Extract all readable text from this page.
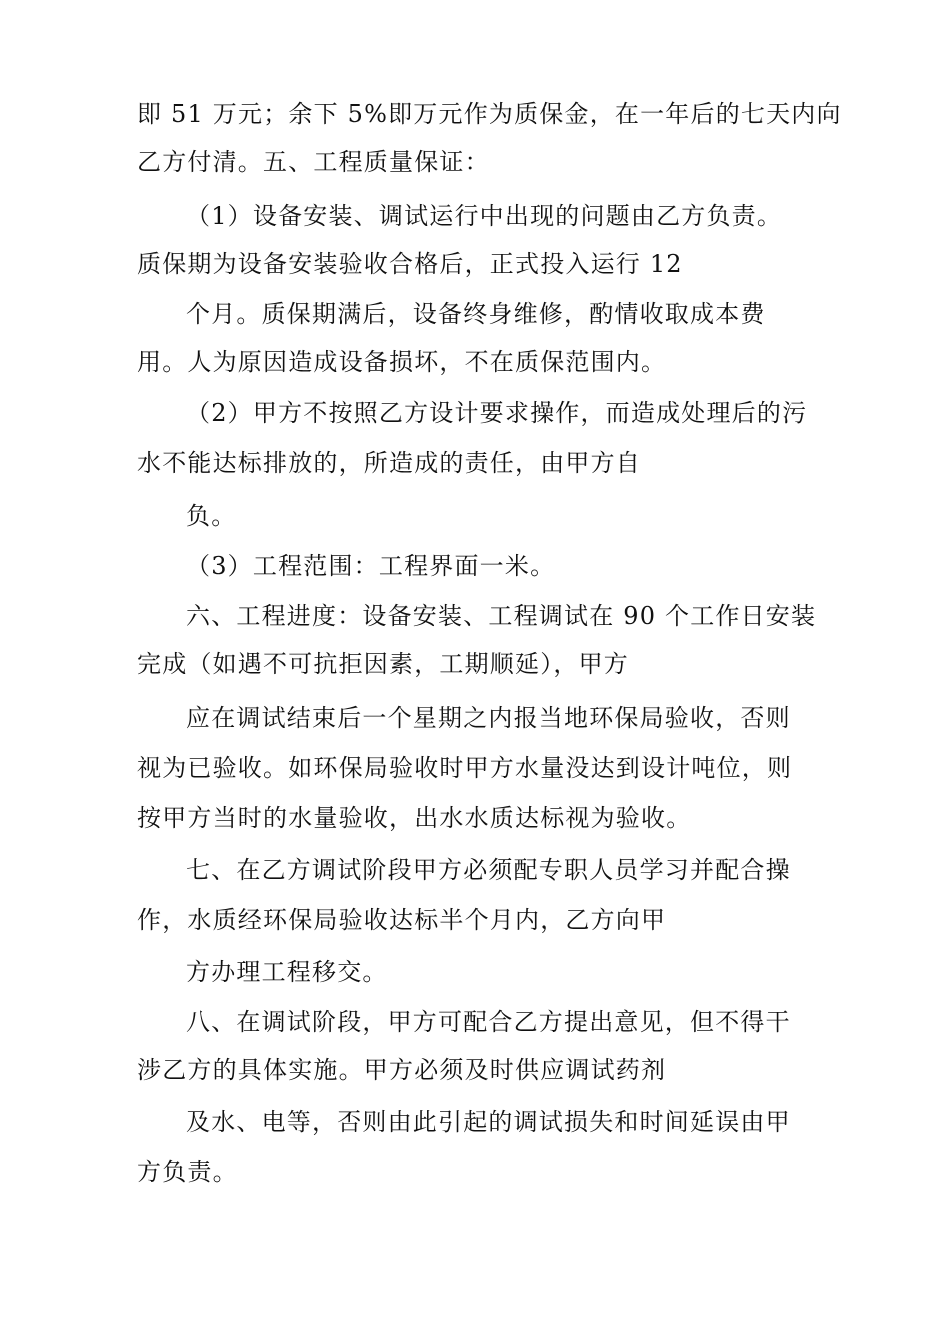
即 51 万元；余下 5%即万元作为质保金，在一年后的七天内向
乙方付清。五、工程质量保证：
（1）设备安装、调试运行中出现的问题由乙方负责。
质保期为设备安装验收合格后，正式投入运行 12
个月。质保期满后，设备终身维修，酌情收取成本费
用。人为原因造成设备损坏，不在质保范围内。
（2）甲方不按照乙方设计要求操作，而造成处理后的污
水不能达标排放的，所造成的责任，由甲方自
负。
（3）工程范围：工程界面一米。
六、工程进度：设备安装、工程调试在 90 个工作日安装
完成（如遇不可抗拒因素，工期顺延），甲方
应在调试结束后一个星期之内报当地环保局验收，否则
视为已验收。如环保局验收时甲方水量没达到设计吨位，则
按甲方当时的水量验收，出水水质达标视为验收。
七、在乙方调试阶段甲方必须配专职人员学习并配合操
作，水质经环保局验收达标半个月内，乙方向甲
方办理工程移交。
八、在调试阶段，甲方可配合乙方提出意见，但不得干
涉乙方的具体实施。甲方必须及时供应调试药剂
及水、电等，否则由此引起的调试损失和时间延误由甲
方负责。
